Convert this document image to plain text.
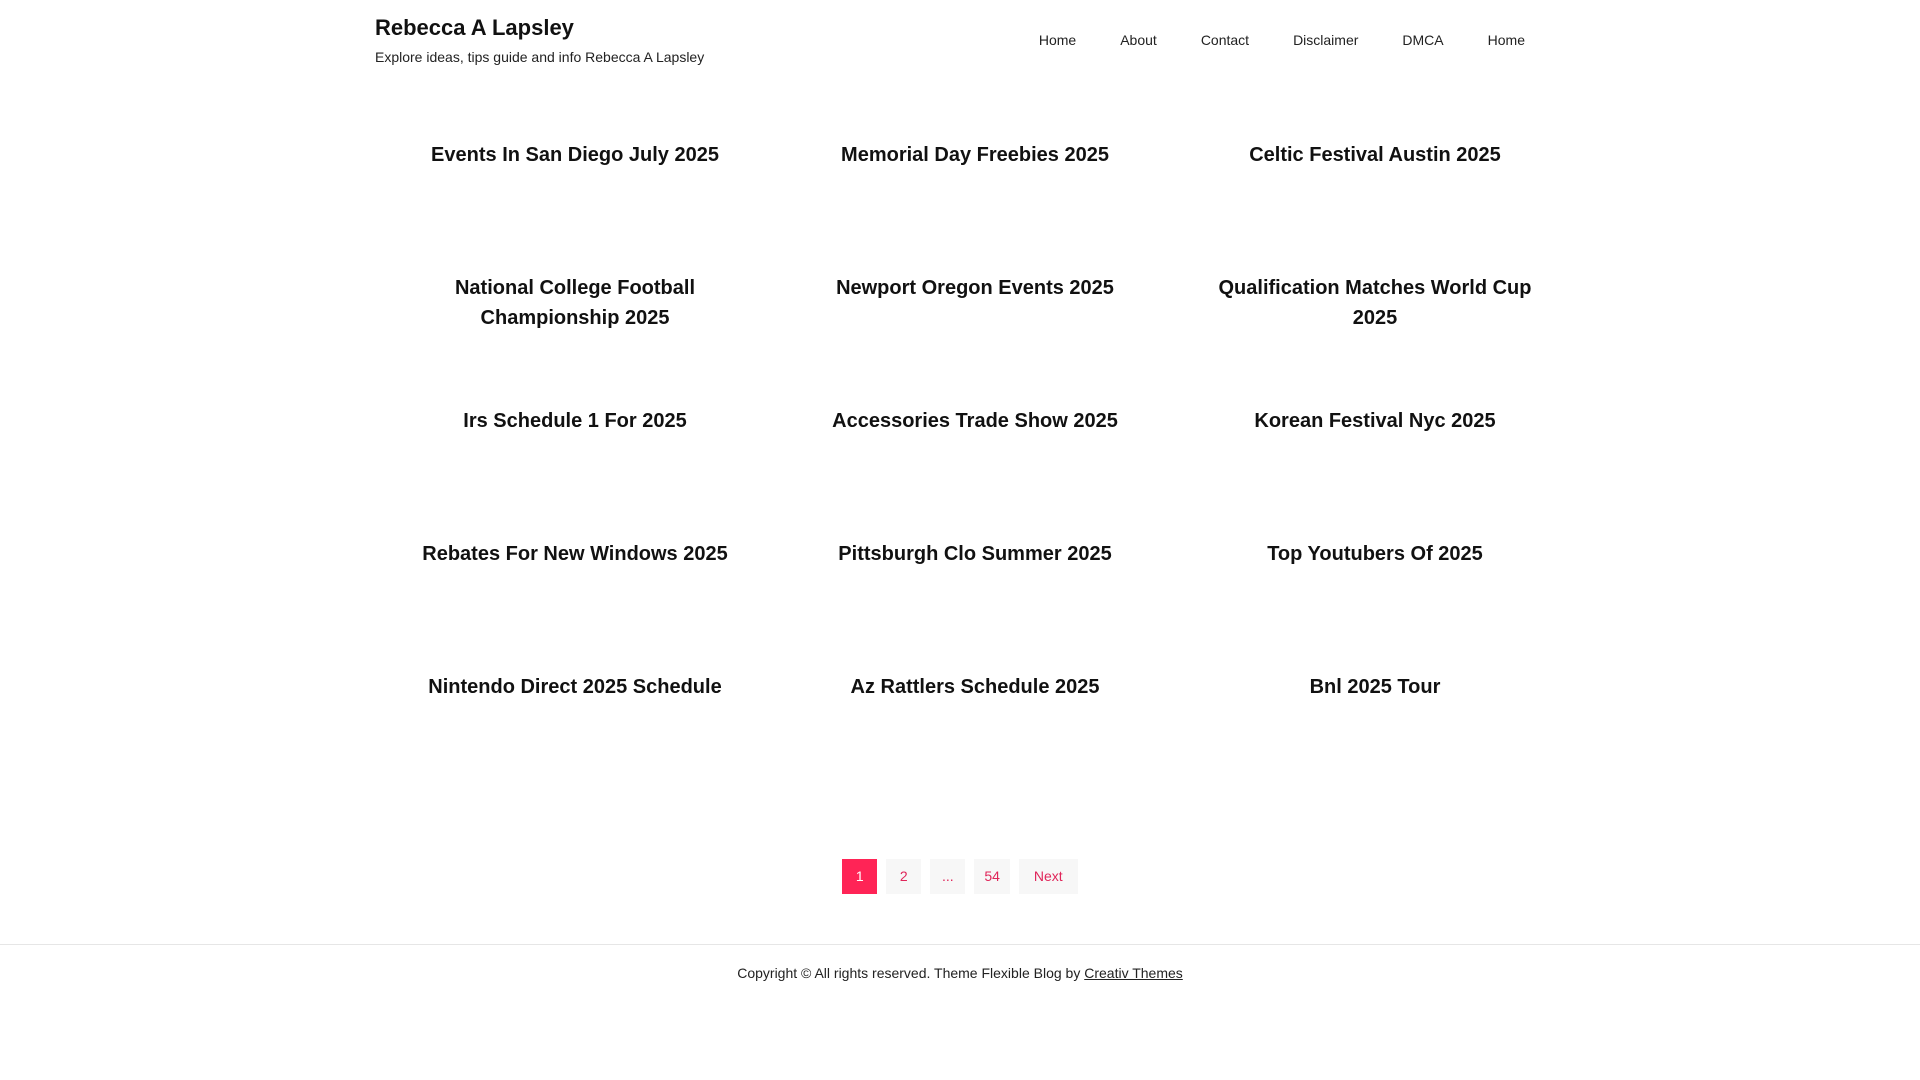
Rebecca A Lapsley
Explore ideas, tips guide and info Rebecca A Lapsley
Home	About	Contact	Disclaimer	DMCA	Home
Events In San Diego July 2025	Memorial Day Freebies 2025	Celtic Festival Austin 2025
National College Football Championship 2025
Newport Oregon Events 2025	Qualification Matches World Cup 2025
Irs Schedule 1 For 2025	Accessories Trade Show 2025	Korean Festival Nyc 2025
Rebates For New Windows 2025	Pittsburgh Clo Summer 2025	Top Youtubers Of 2025
Nintendo Direct 2025 Schedule	Az Rattlers Schedule 2025	Bnl 2025 Tour
1	2	...	54	Next
Copyright © All rights reserved. Theme Flexible Blog by Creativ Themes
